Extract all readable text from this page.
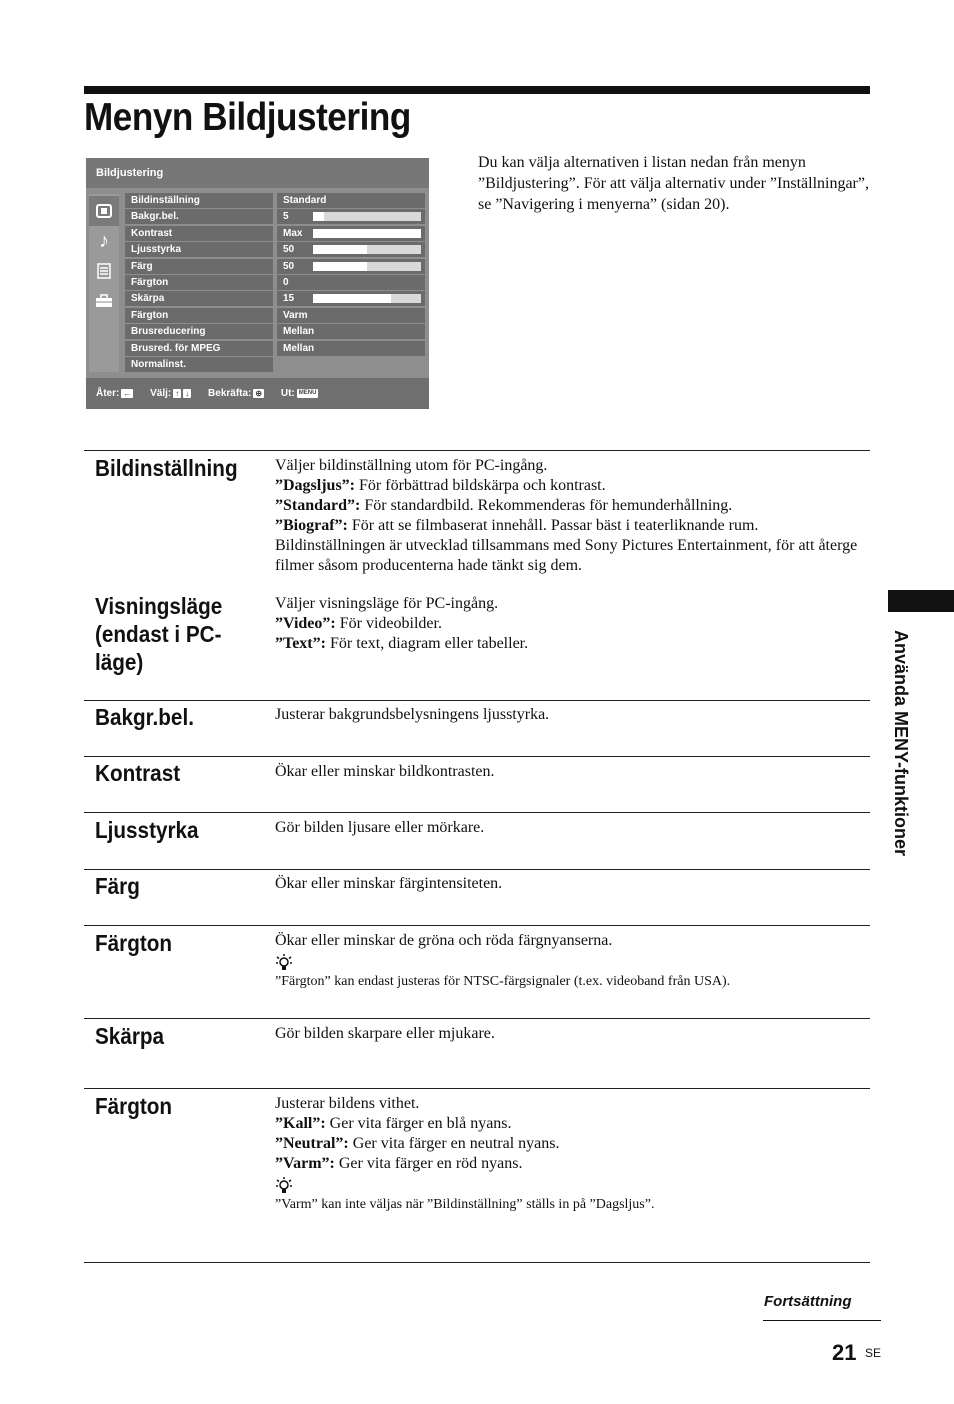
Menyn Bildjustering
Bildjustering
♪
Bildinställning	Standard
Bakgr.bel.	5
Kontrast	Max
Ljusstyrka	50
Färg	50
Färgton	0
Skärpa	15
Färgton	Varm
Brusreducering	Mellan
Brusred. för MPEG	Mellan
Normalinst.
Åter: ← Välj: ↑ ↓ Bekräfta: ⊕ Ut: MENU

Du kan välja alternativen i listan nedan från menyn ”Bildjustering”. För att välja alternativ under ”Inställningar”, se ”Navigering i menyerna” (sidan 20).

Bildinställning Väljer bildinställning utom för PC-ingång.
”Dagsljus”: För förbättrad bildskärpa och kontrast.
”Standard”: För standardbild. Rekommenderas för hemunderhållning.
”Biograf”: För att se filmbaserat innehåll. Passar bäst i teaterliknande rum.
Bildinställningen är utvecklad tillsammans med Sony Pictures Entertainment, för att återge filmer såsom producenterna hade tänkt sig dem.
Visningsläge
(endast i PC-
läge)
Väljer visningsläge för PC-ingång.
”Video”: För videobilder.
”Text”: För text, diagram eller tabeller.
Bakgr.bel.	Justerar bakgrundsbelysningens ljusstyrka.
Kontrast	Ökar eller minskar bildkontrasten.
Ljusstyrka	Gör bilden ljusare eller mörkare.
Färg	Ökar eller minskar färgintensiteten.
Färgton	Ökar eller minskar de gröna och röda färgnyanserna.
”Färgton” kan endast justeras för NTSC-färgsignaler (t.ex. videoband från USA).
Skärpa	Gör bilden skarpare eller mjukare.
Färgton	Justerar bildens vithet.
”Kall”: Ger vita färger en blå nyans.
”Neutral”: Ger vita färger en neutral nyans.
”Varm”: Ger vita färger en röd nyans.
”Varm” kan inte väljas när ”Bildinställning” ställs in på ”Dagsljus”.
Använda MENY-funktioner
Fortsättning
21 SE
